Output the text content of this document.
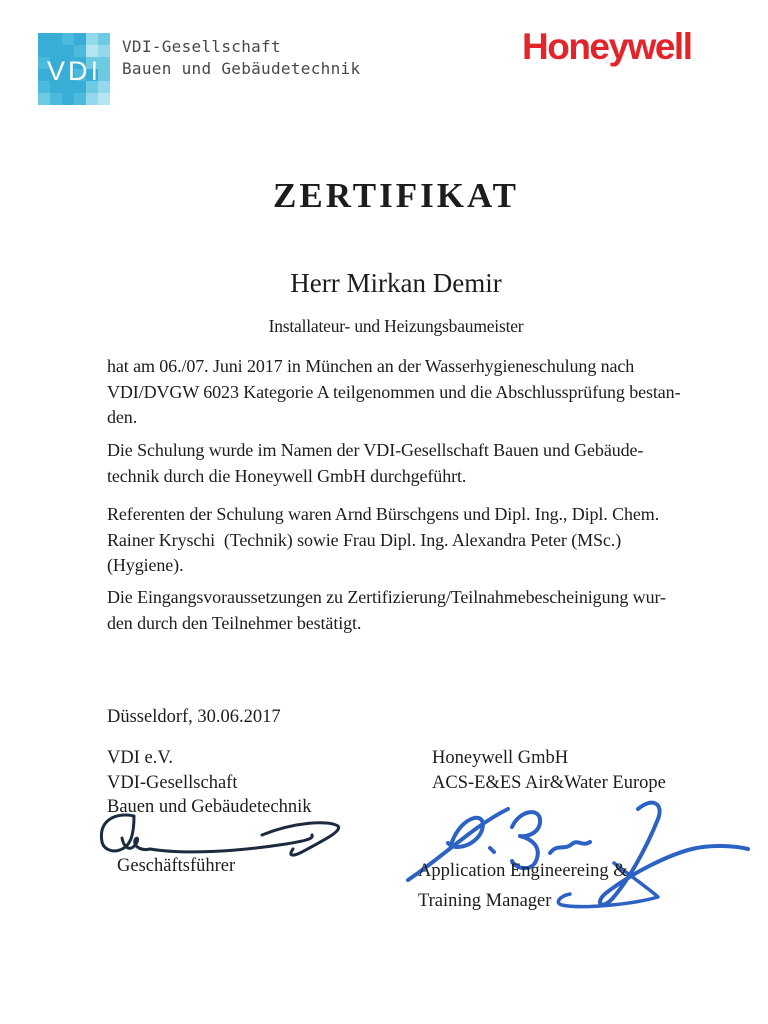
VDI
VDI-Gesellschaft
Bauen und Gebäudetechnik
Honeywell
ZERTIFIKAT
Herr Mirkan Demir
Installateur- und Heizungsbaumeister
hat am 06./07. Juni 2017 in München an der Wasserhygieneschulung nach
VDI/DVGW 6023 Kategorie A teilgenommen und die Abschlussprüfung bestan-
den.
Die Schulung wurde im Namen der VDI-Gesellschaft Bauen und Gebäude-
technik durch die Honeywell GmbH durchgeführt.
Referenten der Schulung waren Arnd Bürschgens und Dipl. Ing., Dipl. Chem.
Rainer Kryschi  (Technik) sowie Frau Dipl. Ing. Alexandra Peter (MSc.)
(Hygiene).
Die Eingangsvoraussetzungen zu Zertifizierung/Teilnahmebescheinigung wur-
den durch den Teilnehmer bestätigt.
Düsseldorf, 30.06.2017
VDI e.V.
VDI-Gesellschaft
Bauen und Gebäudetechnik
Geschäftsführer
Honeywell GmbH
ACS-E&ES Air&Water Europe
Application Engineereing &
Training Manager
